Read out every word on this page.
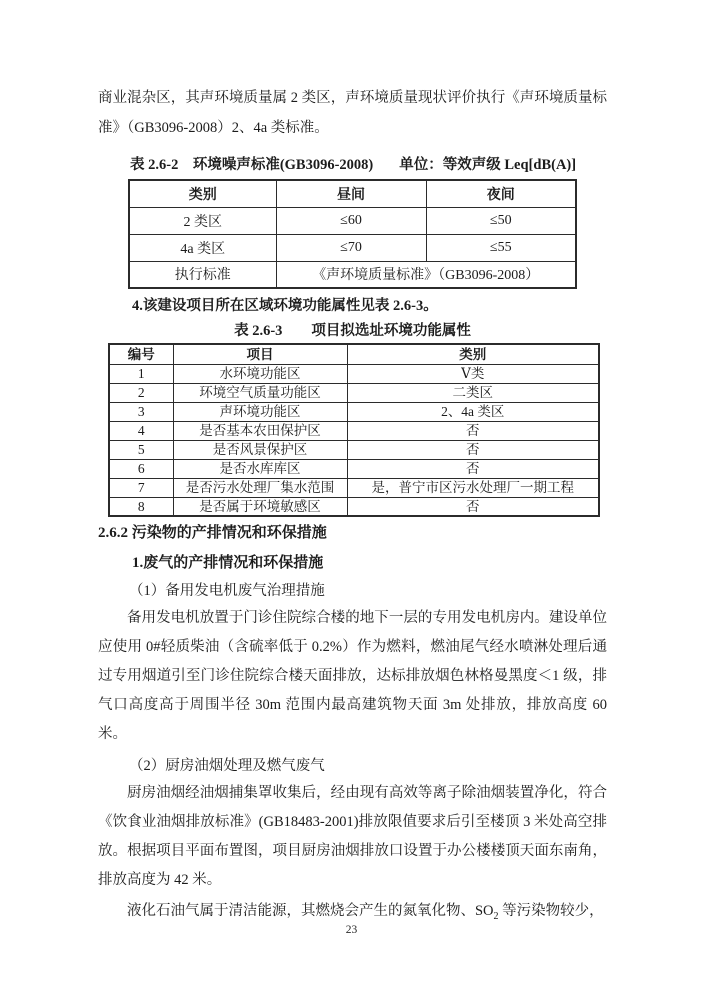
商业混杂区，其声环境质量属 2 类区，声环境质量现状评价执行《声环境质量标准》（GB3096-2008）2、4a 类标准。

表 2.6-2　环境噪声标准(GB3096-2008) 单位：等效声级 Leq[dB(A)]
类别	昼间	夜间
2 类区	≤60	≤50
4a 类区	≤70	≤55
执行标准	《声环境质量标准》（GB3096-2008）	

4.该建设项目所在区域环境功能属性见表 2.6-3。

表 2.6-3　　项目拟选址环境功能属性

编号	项目	类别
1	水环境功能区	Ⅴ类
2	环境空气质量功能区	二类区
3	声环境功能区	2、4a 类区
4	是否基本农田保护区	否
5	是否风景保护区	否
6	是否水库库区	否
7	是否污水处理厂集水范围	是，普宁市区污水处理厂一期工程
8	是否属于环境敏感区	否

2.6.2 污染物的产排情况和环保措施

1.废气的产排情况和环保措施

（1）备用发电机废气治理措施

备用发电机放置于门诊住院综合楼的地下一层的专用发电机房内。建设单位应使用 0#轻质柴油（含硫率低于 0.2%）作为燃料，燃油尾气经水喷淋处理后通过专用烟道引至门诊住院综合楼天面排放，达标排放烟色林格曼黑度＜1 级，排气口高度高于周围半径 30m 范围内最高建筑物天面 3m 处排放，排放高度 60 米。

（2）厨房油烟处理及燃气废气

厨房油烟经油烟捕集罩收集后，经由现有高效等离子除油烟装置净化，符合《饮食业油烟排放标准》(GB18483-2001)排放限值要求后引至楼顶 3 米处高空排放。根据项目平面布置图，项目厨房油烟排放口设置于办公楼楼顶天面东南角，排放高度为 42 米。

液化石油气属于清洁能源，其燃烧会产生的氮氧化物、$SO_2$ 等污染物较少，

23
